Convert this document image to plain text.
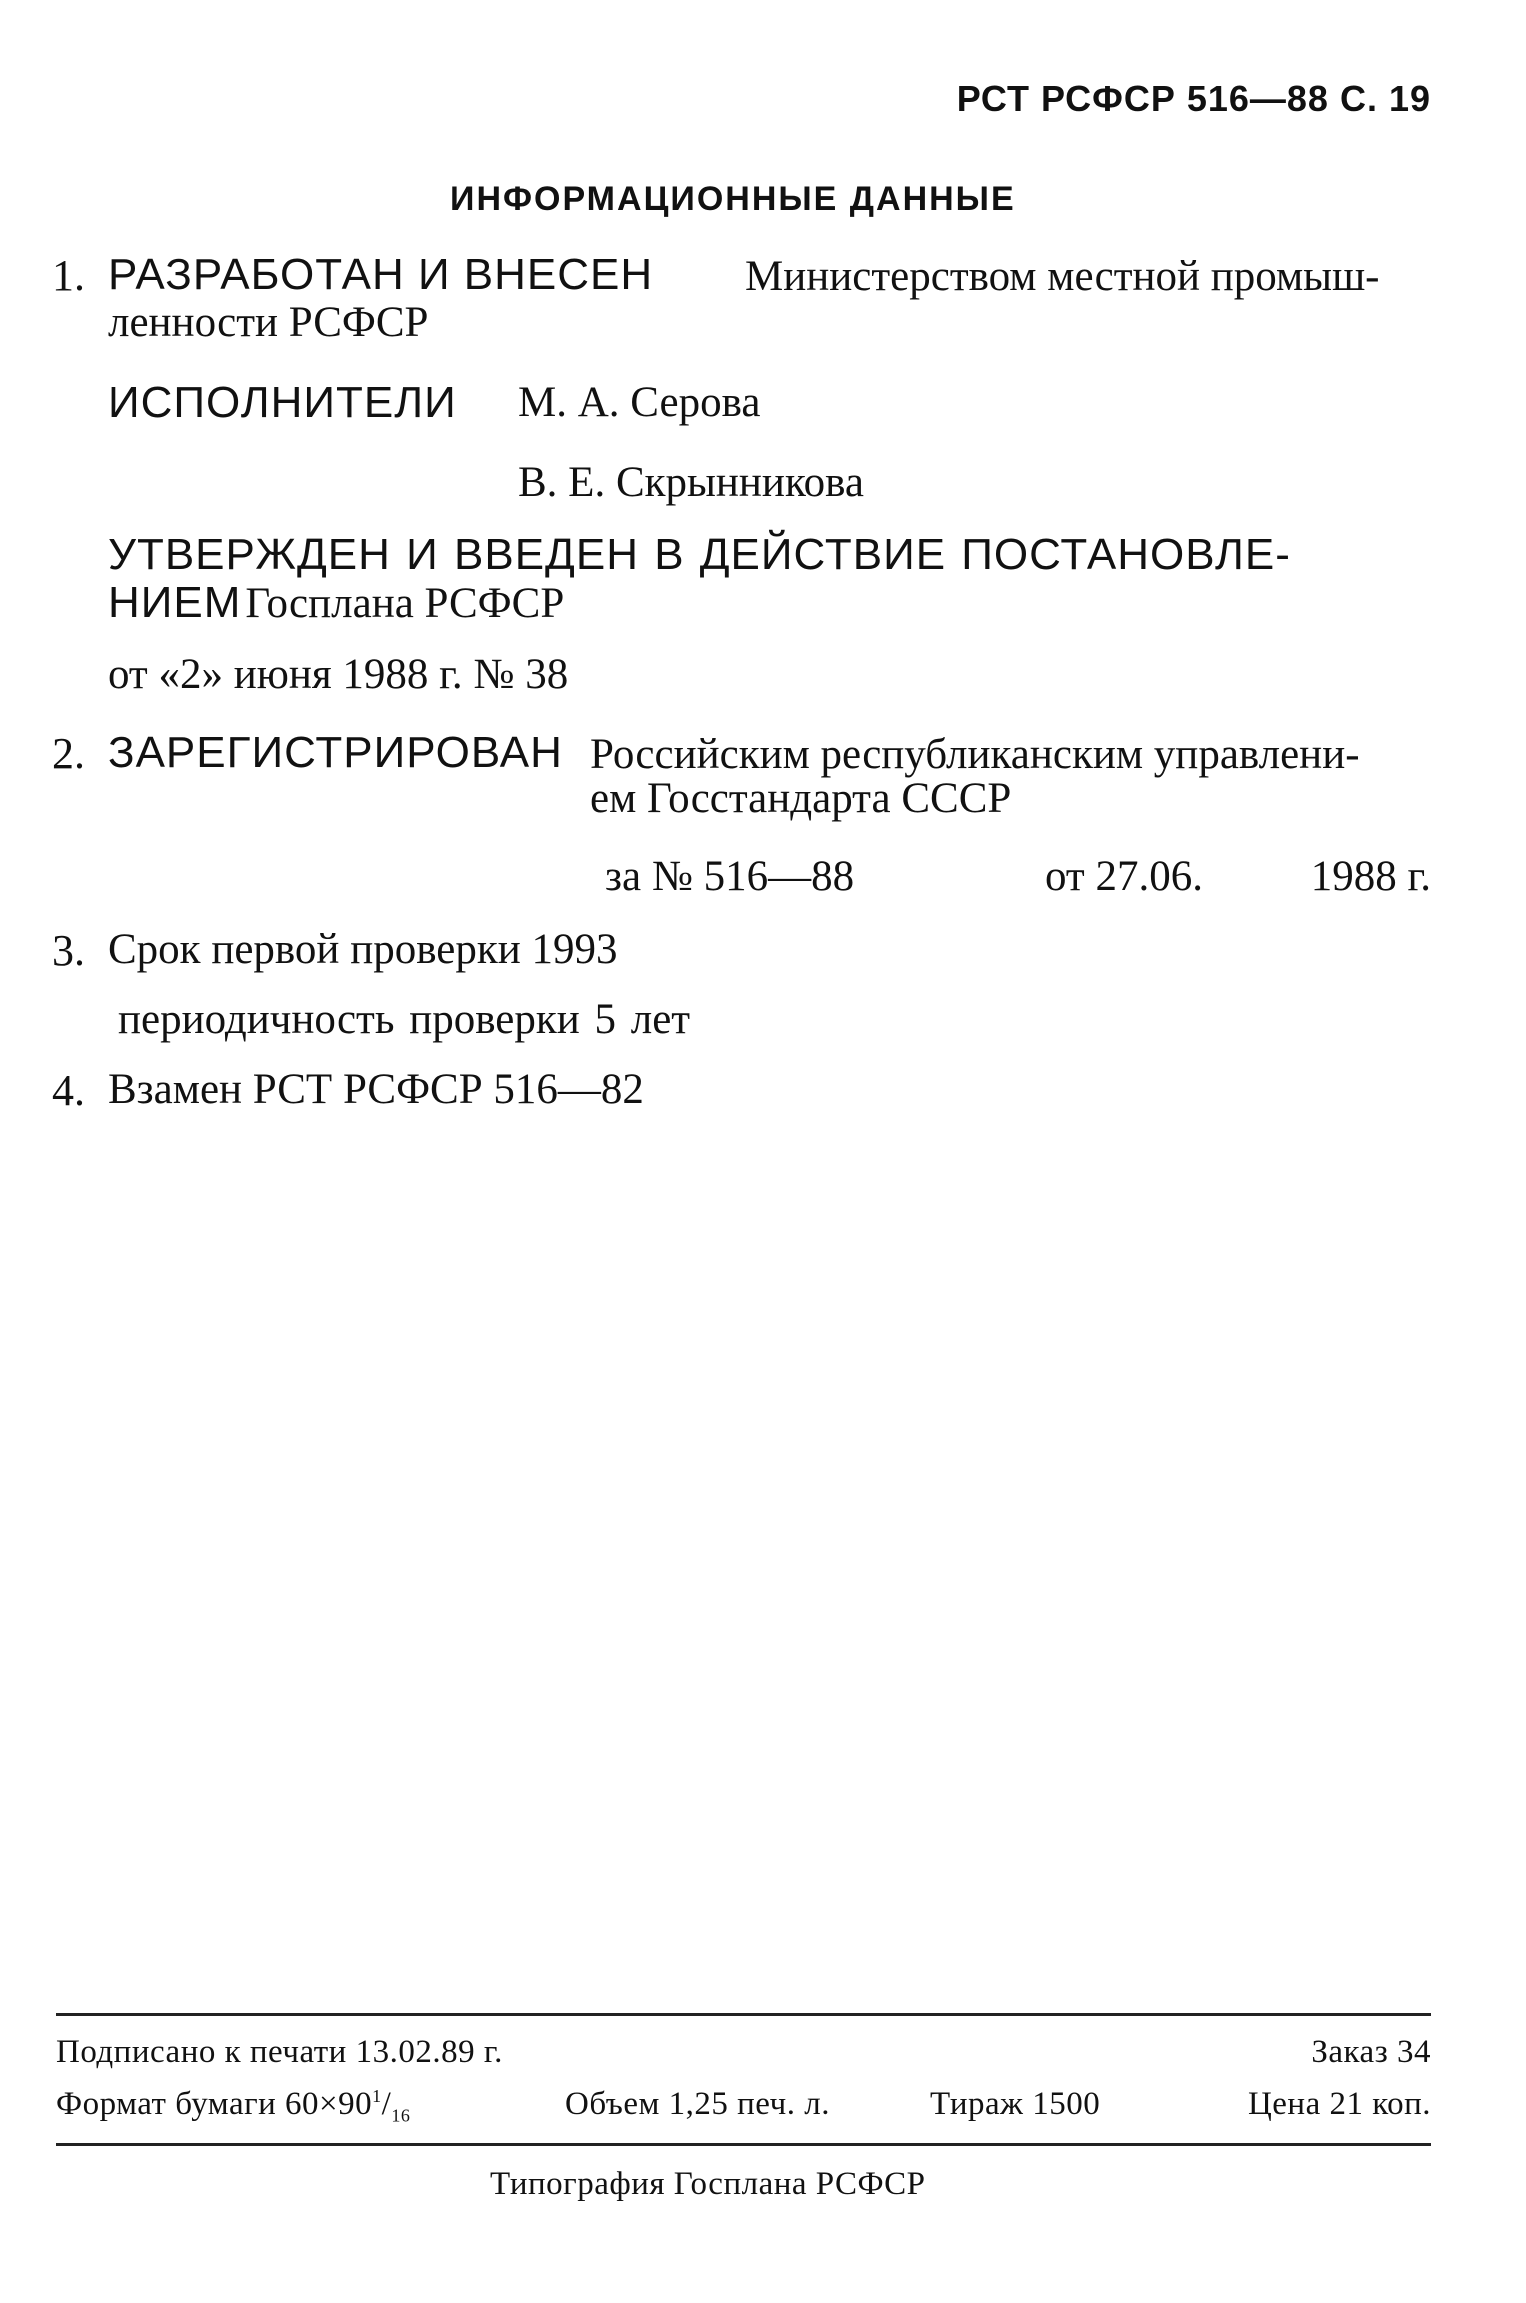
РСТ РСФСР 516—88 С. 19
ИНФОРМАЦИОННЫЕ ДАННЫЕ
1. РАЗРАБОТАН И ВНЕСЕН Министерством местной промыш-
ленности РСФСР
ИСПОЛНИТЕЛИ М. А. Серова
В. Е. Скрынникова
УТВЕРЖДЕН И ВВЕДЕН В ДЕЙСТВИЕ ПОСТАНОВЛЕ-
НИЕМ Госплана РСФСР
от «2» июня 1988 г. № 38
2. ЗАРЕГИСТРИРОВАН Российским республиканским управлени-
ем Госстандарта СССР
за № 516—88	от 27.06.	1988 г.
3. Срок первой проверки 1993
периодичность проверки 5 лет
4. Взамен РСТ РСФСР 516—82
Подписано к печати 13.02.89 г.	Заказ 34
Формат бумаги $60\times 90^1/_{16}$	Объем 1,25 печ. л.	Тираж 1500	Цена 21 коп.
Типография Госплана РСФСР
